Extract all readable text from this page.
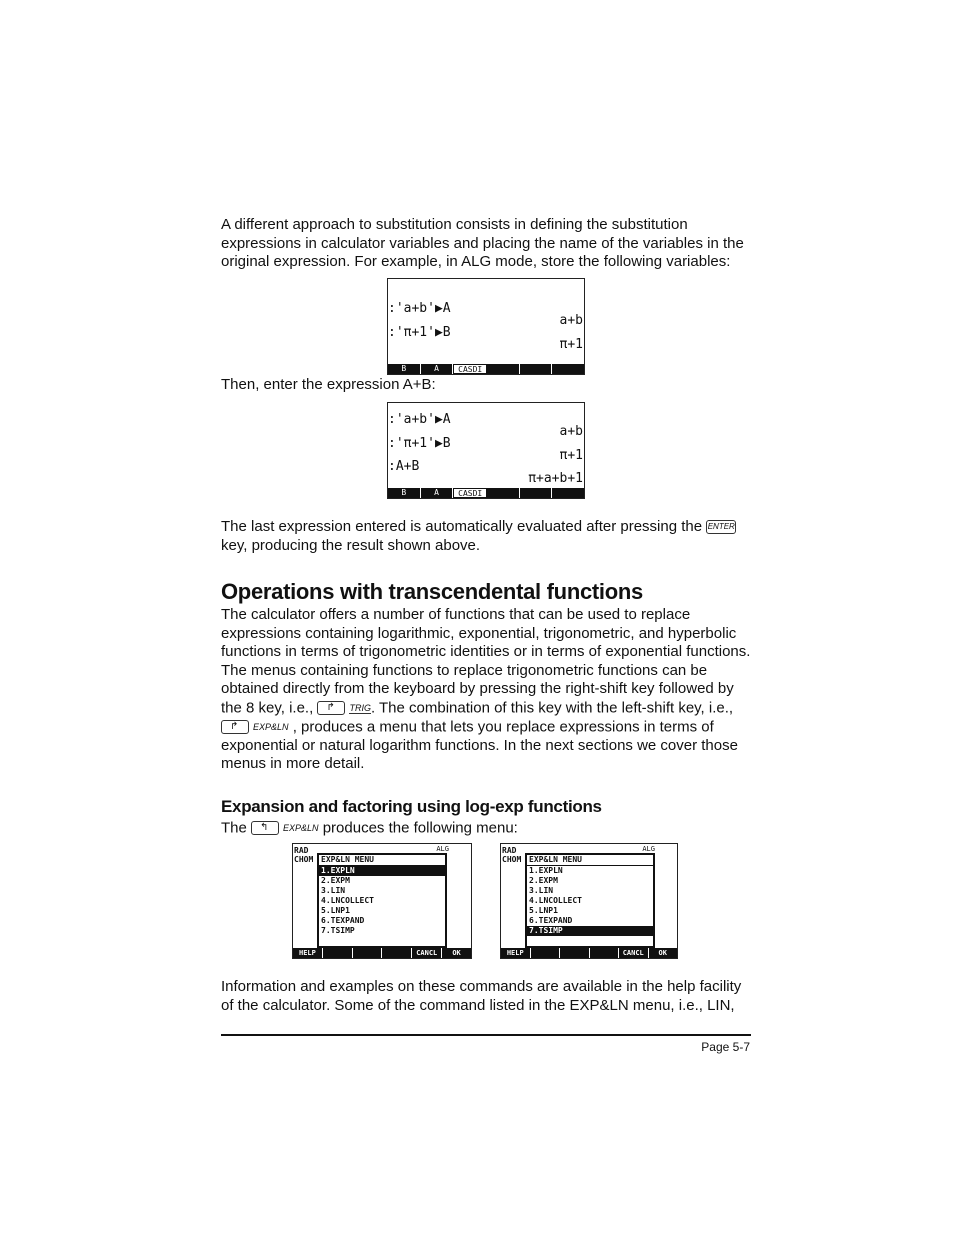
A different approach to substitution consists in defining the substitution expressions in calculator variables and placing the name of the variables in the original expression. For example, in ALG mode, store the following variables:

:'a+b'▶A
a+b
:'π+1'▶B
π+1
B	A	CASDI

Then, enter the expression A+B:

:'a+b'▶A
a+b
:'π+1'▶B
π+1
:A+B
π+a+b+1
B	A	CASDI

The last expression entered is automatically evaluated after pressing the ENTER
key, producing the result shown above.

Operations with transcendental functions

The calculator offers a number of functions that can be used to replace expressions containing logarithmic, exponential, trigonometric, and hyperbolic functions in terms of trigonometric identities or in terms of exponential functions. The menus containing functions to replace trigonometric functions can be obtained directly from the keyboard by pressing the right-shift key followed by the 8 key, i.e., ↱ TRIG. The combination of this key with the left-shift key, i.e.,
↱ EXP&LN , produces a menu that lets you replace expressions in terms of exponential or natural logarithm functions. In the next sections we cover those menus in more detail.

Expansion and factoring using log-exp functions

The ↰ EXP&LN produces the following menu:

RAD
CHOM
ALG
EXP&LN MENU
1.EXPLN
2.EXPM
3.LIN
4.LNCOLLECT
5.LNP1
6.TEXPAND
7.TSIMP
HELP	CANCL	OK
RAD
CHOM
ALG
EXP&LN MENU
1.EXPLN
2.EXPM
3.LIN
4.LNCOLLECT
5.LNP1
6.TEXPAND
7.TSIMP
HELP	CANCL	OK

Information and examples on these commands are available in the help facility of the calculator. Some of the command listed in the EXP&LN menu, i.e., LIN,

Page 5-7
